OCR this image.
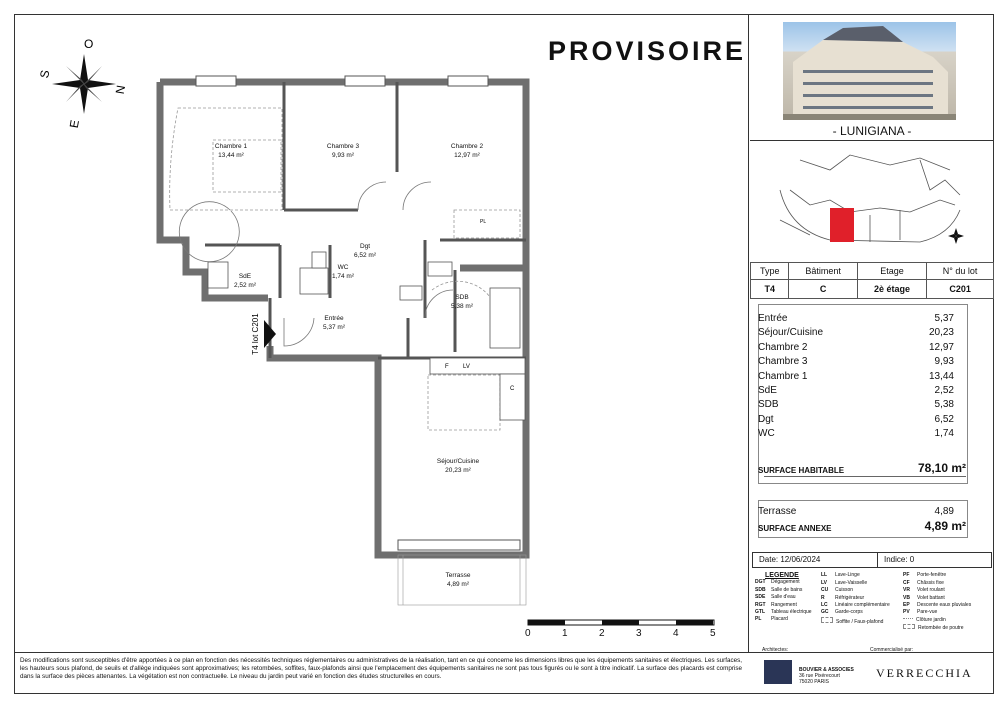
S
O
N
E
T4 lot C201
PL
F LV
C
Chambre 1
13,44 m²
Chambre 3
9,93 m²
Chambre 2
12,97 m²
Dgt
6,52 m²
SdE
2,52 m²
WC
1,74 m²
SDB
5,38 m²
Entrée
5,37 m²
Séjour/Cuisine
20,23 m²
Terrasse
4,89 m²
0	1	2	3	4	5
PROVISOIRE
- LUNIGIANA -
Type	Bâtiment	Etage	N° du lot
T4	C	2è étage	C201
Entrée	5,37
Séjour/Cuisine	20,23
Chambre 2	12,97
Chambre 3	9,93
Chambre 1	13,44
SdE	2,52
SDB	5,38
Dgt	6,52
WC	1,74
SURFACE HABITABLE	78,10 m²
Terrasse	4,89
SURFACE ANNEXE	4,89 m²
Date: 12/06/2024	Indice: 0
LEGENDE
DGT Dégagement
SDB Salle de bains
SDE Salle d'eau
RGT Rangement
GTL Tableau électrique
PL Placard
LL Lave-Linge
LV Lave-Vaisselle
CU Cuisson
R Réfrigérateur
LC Linéaire complémentaire
GC Garde-corps
Soffite / Faux-plafond
PF Porte-fenêtre
CF Châssis fixe
VR Volet roulant
VB Volet battant
EP Descente eaux pluviales
PV Pare-vue
Clôture jardin
Retombée de poutre
Des modifications sont susceptibles d'être apportées à ce plan en fonction des nécessités techniques réglementaires ou administratives de la réalisation, tant en ce qui concerne les dimensions libres que les équipements sanitaires et électriques. Les surfaces, les hauteurs sous plafond, de seuils et d'allège indiquées sont approximatives; les retombées, soffites, faux-plafonds ainsi que l'emplacement des équipements sanitaires ne sont pas tous figurés ou le sont à titre indicatif. La surface des placards est comprise dans la surface des pièces attenantes. La végétation est non contractuelle. Le niveau du jardin peut varié en fonction des études structurelles en cours.
Architectes:	Commercialisé par:
BOUVIER & ASSOCIES
36 rue Pixérecourt
75020 PARIS
VERRECCHIA
